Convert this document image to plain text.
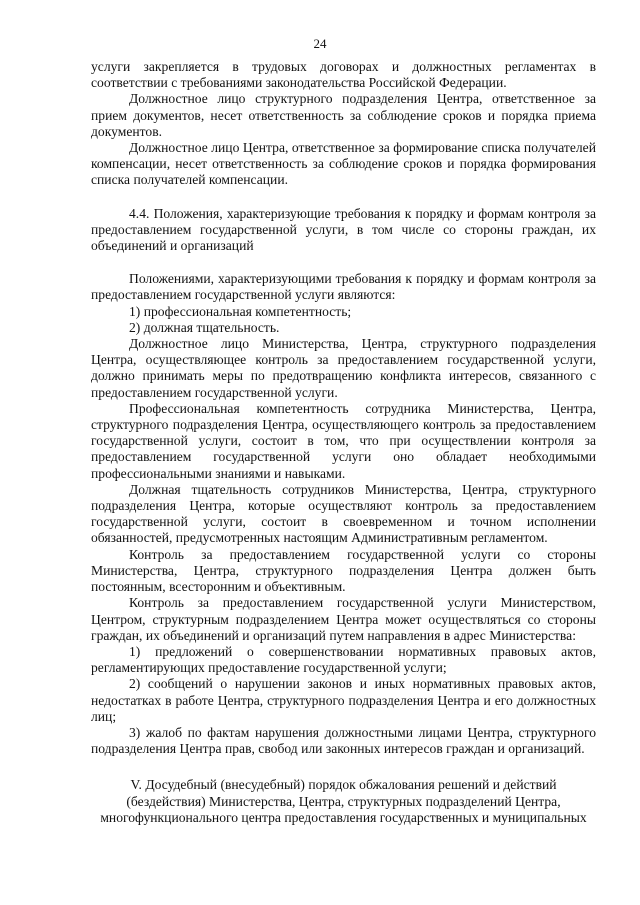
24

услуги закрепляется в трудовых договорах и должностных регламентах в соответствии с требованиями законодательства Российской Федерации.

Должностное лицо структурного подразделения Центра, ответственное за прием документов, несет ответственность за соблюдение сроков и порядка приема документов.

Должностное лицо Центра, ответственное за формирование списка получателей компенсации, несет ответственность за соблюдение сроков и порядка формирования списка получателей компенсации.

4.4. Положения, характеризующие требования к порядку и формам контроля за предоставлением государственной услуги, в том числе со стороны граждан, их объединений и организаций

Положениями, характеризующими требования к порядку и формам контроля за предоставлением государственной услуги являются:

1) профессиональная компетентность;

2) должная тщательность.

Должностное лицо Министерства, Центра, структурного подразделения Центра, осуществляющее контроль за предоставлением государственной услуги, должно принимать меры по предотвращению конфликта интересов, связанного с предоставлением государственной услуги.

Профессиональная компетентность сотрудника Министерства, Центра, структурного подразделения Центра, осуществляющего контроль за предоставлением государственной услуги, состоит в том, что при осуществлении контроля за предоставлением государственной услуги оно обладает необходимыми профессиональными знаниями и навыками.

Должная тщательность сотрудников Министерства, Центра, структурного подразделения Центра, которые осуществляют контроль за предоставлением государственной услуги, состоит в своевременном и точном исполнении обязанностей, предусмотренных настоящим Административным регламентом.

Контроль за предоставлением государственной услуги со стороны Министерства, Центра, структурного подразделения Центра должен быть постоянным, всесторонним и объективным.

Контроль за предоставлением государственной услуги Министерством, Центром, структурным подразделением Центра может осуществляться со стороны граждан, их объединений и организаций путем направления в адрес Министерства:

1) предложений о совершенствовании нормативных правовых актов, регламентирующих предоставление государственной услуги;

2) сообщений о нарушении законов и иных нормативных правовых актов, недостатках в работе Центра, структурного подразделения Центра и его должностных лиц;

3) жалоб по фактам нарушения должностными лицами Центра, структурного подразделения Центра прав, свобод или законных интересов граждан и организаций.

V. Досудебный (внесудебный) порядок обжалования решений и действий (бездействия) Министерства, Центра, структурных подразделений Центра, многофункционального центра предоставления государственных и муниципальных
